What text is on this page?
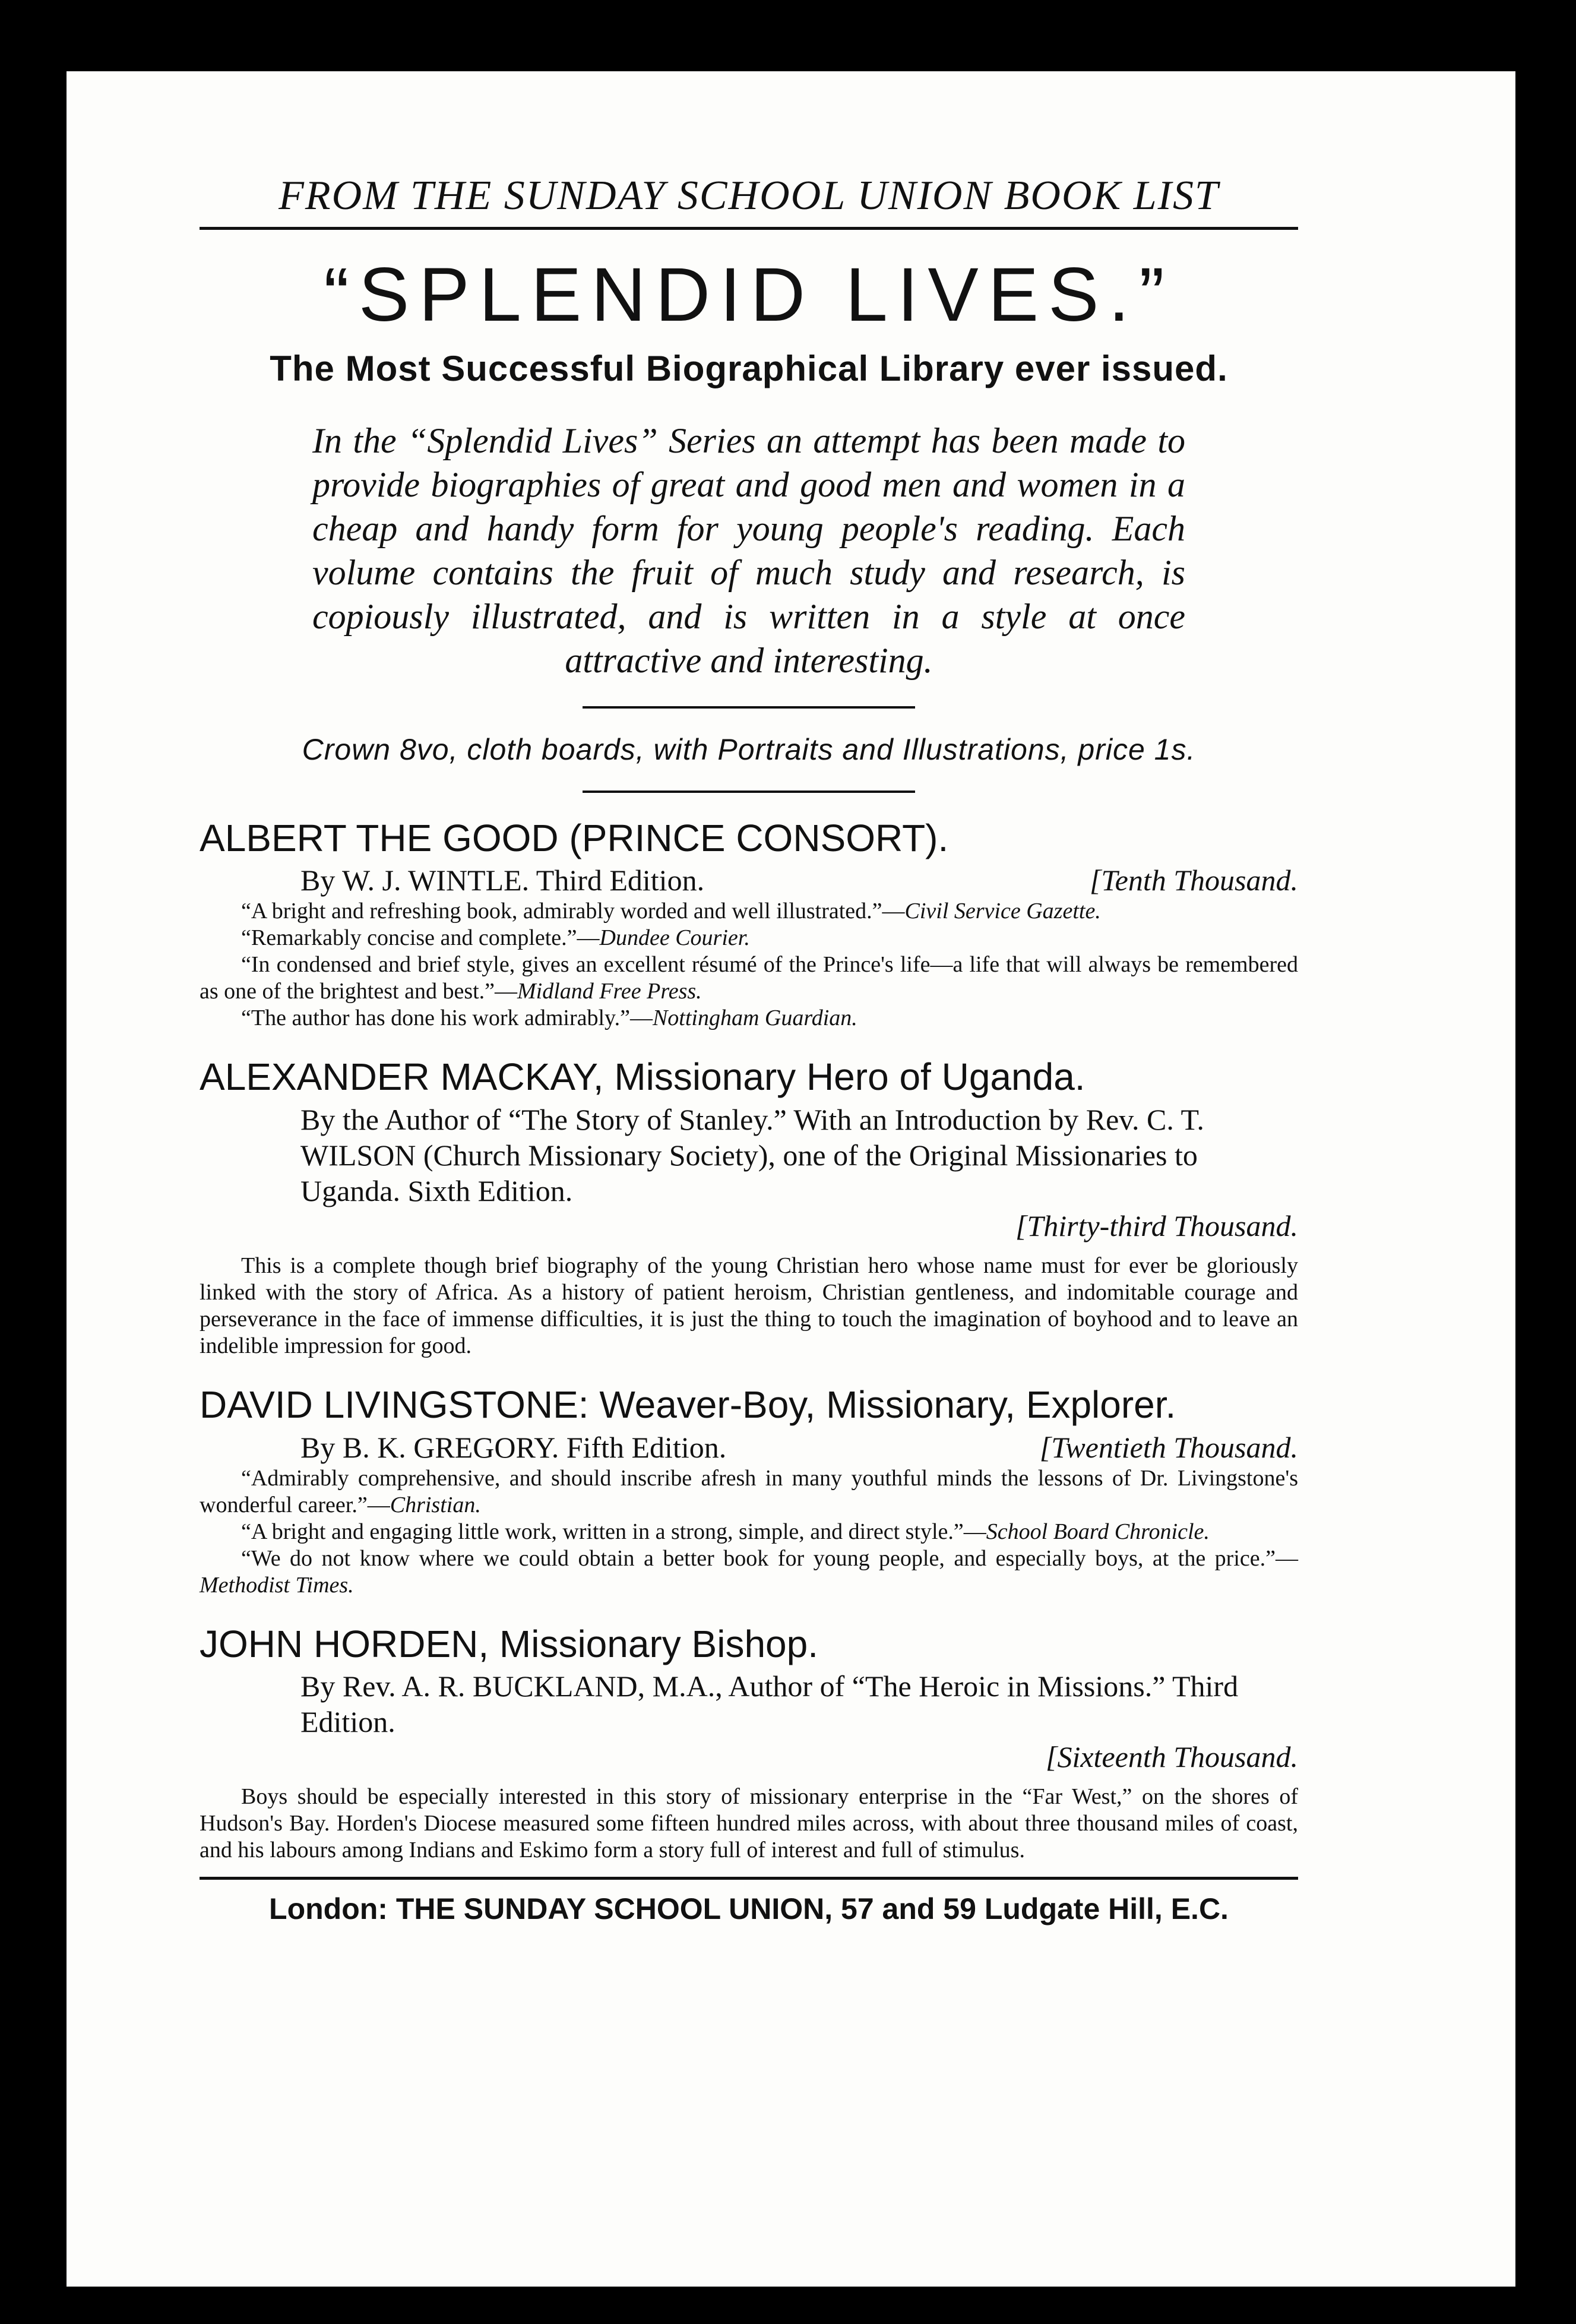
FROM THE SUNDAY SCHOOL UNION BOOK LIST
“SPLENDID LIVES.”
The Most Successful Biographical Library ever issued.
In the “Splendid Lives” Series an attempt has been made to provide biographies of great and good men and women in a cheap and handy form for young people's reading. Each volume contains the fruit of much study and research, is copiously illustrated, and is written in a style at once attractive and interesting.
Crown 8vo, cloth boards, with Portraits and Illustrations, price 1s.
ALBERT THE GOOD (PRINCE CONSORT).
By W. J. WINTLE. Third Edition.	[Tenth Thousand.
“A bright and refreshing book, admirably worded and well illustrated.”—Civil Service Gazette.
“Remarkably concise and complete.”—Dundee Courier.
“In condensed and brief style, gives an excellent résumé of the Prince's life—a life that will always be remembered as one of the brightest and best.”—Midland Free Press.
“The author has done his work admirably.”—Nottingham Guardian.
ALEXANDER MACKAY, Missionary Hero of Uganda.
By the Author of “The Story of Stanley.” With an Introduction by Rev. C. T. WILSON (Church Missionary Society), one of the Original Missionaries to Uganda. Sixth Edition.
[Thirty-third Thousand.
This is a complete though brief biography of the young Christian hero whose name must for ever be gloriously linked with the story of Africa. As a history of patient heroism, Christian gentleness, and indomitable courage and perseverance in the face of immense difficulties, it is just the thing to touch the imagination of boyhood and to leave an indelible impression for good.
DAVID LIVINGSTONE: Weaver-Boy, Missionary, Explorer.
By B. K. GREGORY. Fifth Edition.	[Twentieth Thousand.
“Admirably comprehensive, and should inscribe afresh in many youthful minds the lessons of Dr. Livingstone's wonderful career.”—Christian.
“A bright and engaging little work, written in a strong, simple, and direct style.”—School Board Chronicle.
“We do not know where we could obtain a better book for young people, and especially boys, at the price.”—Methodist Times.
JOHN HORDEN, Missionary Bishop.
By Rev. A. R. BUCKLAND, M.A., Author of “The Heroic in Missions.” Third Edition.
[Sixteenth Thousand.
Boys should be especially interested in this story of missionary enterprise in the “Far West,” on the shores of Hudson's Bay. Horden's Diocese measured some fifteen hundred miles across, with about three thousand miles of coast, and his labours among Indians and Eskimo form a story full of interest and full of stimulus.
London: THE SUNDAY SCHOOL UNION, 57 and 59 Ludgate Hill, E.C.
